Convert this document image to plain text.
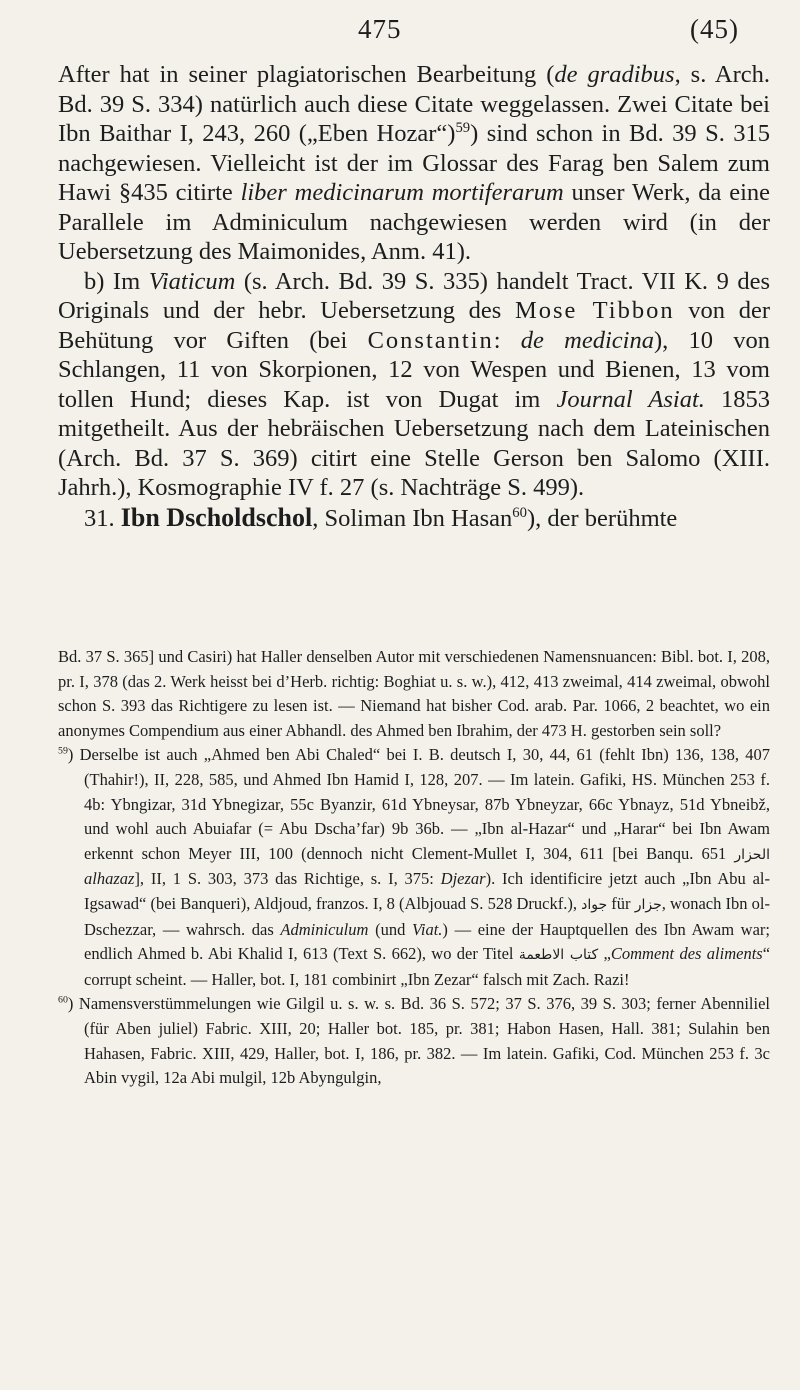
475	(45)

After hat in seiner plagiatorischen Bearbeitung (de gradibus, s. Arch. Bd. 39 S. 334) natürlich auch diese Citate weggelassen. Zwei Citate bei Ibn Baithar I, 243, 260 („Eben Hozar“)$^{59}$) sind schon in Bd. 39 S. 315 nachgewiesen. Vielleicht ist der im Glossar des Farag ben Salem zum Hawi §435 citirte liber medicinarum mortiferarum unser Werk, da eine Parallele im Adminiculum nachgewiesen werden wird (in der Uebersetzung des Maimonides, Anm. 41).

b) Im Viaticum (s. Arch. Bd. 39 S. 335) handelt Tract. VII K. 9 des Originals und der hebr. Uebersetzung des Mose Tibbon von der Behütung vor Giften (bei Constantin: de medicina), 10 von Schlangen, 11 von Skorpionen, 12 von Wespen und Bienen, 13 vom tollen Hund; dieses Kap. ist von Dugat im Journal Asiat. 1853 mitgetheilt. Aus der hebräischen Uebersetzung nach dem Lateinischen (Arch. Bd. 37 S. 369) citirt eine Stelle Gerson ben Salomo (XIII. Jahrh.), Kosmographie IV f. 27 (s. Nachträge S. 499).

31. Ibn Dscholdschol, Soliman Ibn Hasan$^{60}$), der berühmte

Bd. 37 S. 365] und Casiri) hat Haller denselben Autor mit verschiedenen Namensnuancen: Bibl. bot. I, 208, pr. I, 378 (das 2. Werk heisst bei d’Herb. richtig: Boghiat u. s. w.), 412, 413 zweimal, 414 zweimal, obwohl schon S. 393 das Richtigere zu lesen ist. — Niemand hat bisher Cod. arab. Par. 1066, 2 beachtet, wo ein anonymes Compendium aus einer Abhandl. des Ahmed ben Ibrahim, der 473 H. gestorben sein soll?

$^{59}$) Derselbe ist auch „Ahmed ben Abi Chaled“ bei I. B. deutsch I, 30, 44, 61 (fehlt Ibn) 136, 138, 407 (Thahir!), II, 228, 585, und Ahmed Ibn Hamid I, 128, 207. — Im latein. Gafiki, HS. München 253 f. 4b: Ybngizar, 31d Ybnegizar, 55c Byanzir, 61d Ybneysar, 87b Ybneyzar, 66c Ybnayz, 51d Ybneibž, und wohl auch Abuiafar (= Abu Dscha’far) 9b 36b. — „Ibn al-Hazar“ und „Harar“ bei Ibn Awam erkennt schon Meyer III, 100 (dennoch nicht Clement-Mullet I, 304, 611 [bei Banqu. 651 الحزار alhazaz], II, 1 S. 303, 373 das Richtige, s. I, 375: Djezar). Ich identificire jetzt auch „Ibn Abu al-Igsawad“ (bei Banqueri), Aldjoud, franzos. I, 8 (Albjouad S. 528 Druckf.), جواد für جزار, wonach Ibn ol-Dschezzar, — wahrsch. das Adminiculum (und Viat.) — eine der Hauptquellen des Ibn Awam war; endlich Ahmed b. Abi Khalid I, 613 (Text S. 662), wo der Titel كتاب الاطعمة „Comment des aliments“ corrupt scheint. — Haller, bot. I, 181 combinirt „Ibn Zezar“ falsch mit Zach. Razi!

$^{60}$) Namensverstümmelungen wie Gilgil u. s. w. s. Bd. 36 S. 572; 37 S. 376, 39 S. 303; ferner Abenniliel (für Aben juliel) Fabric. XIII, 20; Haller bot. 185, pr. 381; Habon Hasen, Hall. 381; Sulahin ben Hahasen, Fabric. XIII, 429, Haller, bot. I, 186, pr. 382. — Im latein. Gafiki, Cod. München 253 f. 3c Abin vygil, 12a Abi mulgil, 12b Abyngulgin,
